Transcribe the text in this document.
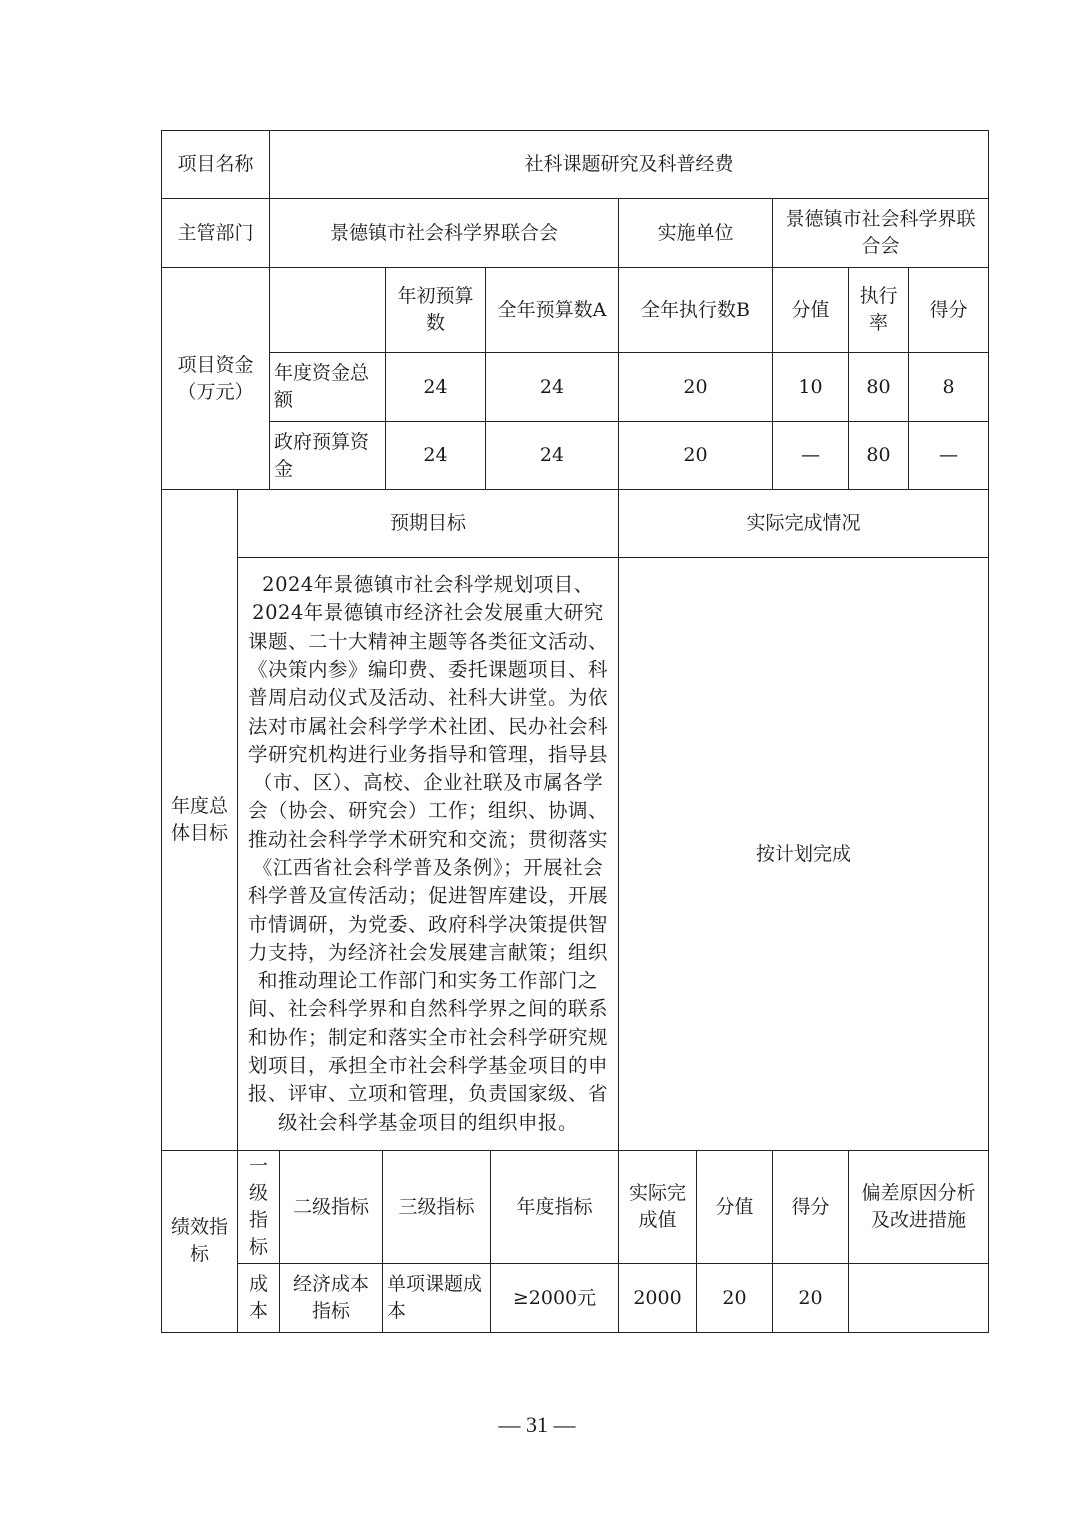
项目名称	社科课题研究及科普经费						
主管部门	景德镇市社会科学界联合会			实施单位	景德镇市社会科学界联合会		
项目资金（万元）		年初预算数	全年预算数A	全年执行数B	分值	执行率	得分
	年度资金总额	24	24	20	10	80	8
	政府预算资金	24	24	20	—	80	—
年度总体目标	预期目标	实际完成情况
	2024年景德镇市社会科学规划项目、2024年景德镇市经济社会发展重大研究课题、二十大精神主题等各类征文活动、《决策内参》编印费、委托课题项目、科普周启动仪式及活动、社科大讲堂。为依法对市属社会科学学术社团、民办社会科学研究机构进行业务指导和管理，指导县（市、区）、高校、企业社联及市属各学会（协会、研究会）工作；组织、协调、推动社会科学学术研究和交流；贯彻落实《江西省社会科学普及条例》；开展社会科学普及宣传活动；促进智库建设，开展市情调研，为党委、政府科学决策提供智力支持，为经济社会发展建言献策；组织和推动理论工作部门和实务工作部门之间、社会科学界和自然科学界之间的联系和协作；制定和落实全市社会科学研究规划项目，承担全市社会科学基金项目的申报、评审、立项和管理，负责国家级、省级社会科学基金项目的组织申报。	按计划完成
绩效指标	一级指标	二级指标	三级指标	年度指标	实际完成值	分值	得分	偏差原因分析及改进措施
	成本	经济成本指标	单项课题成本	≥2000元	2000	20	20	
— 31 —
